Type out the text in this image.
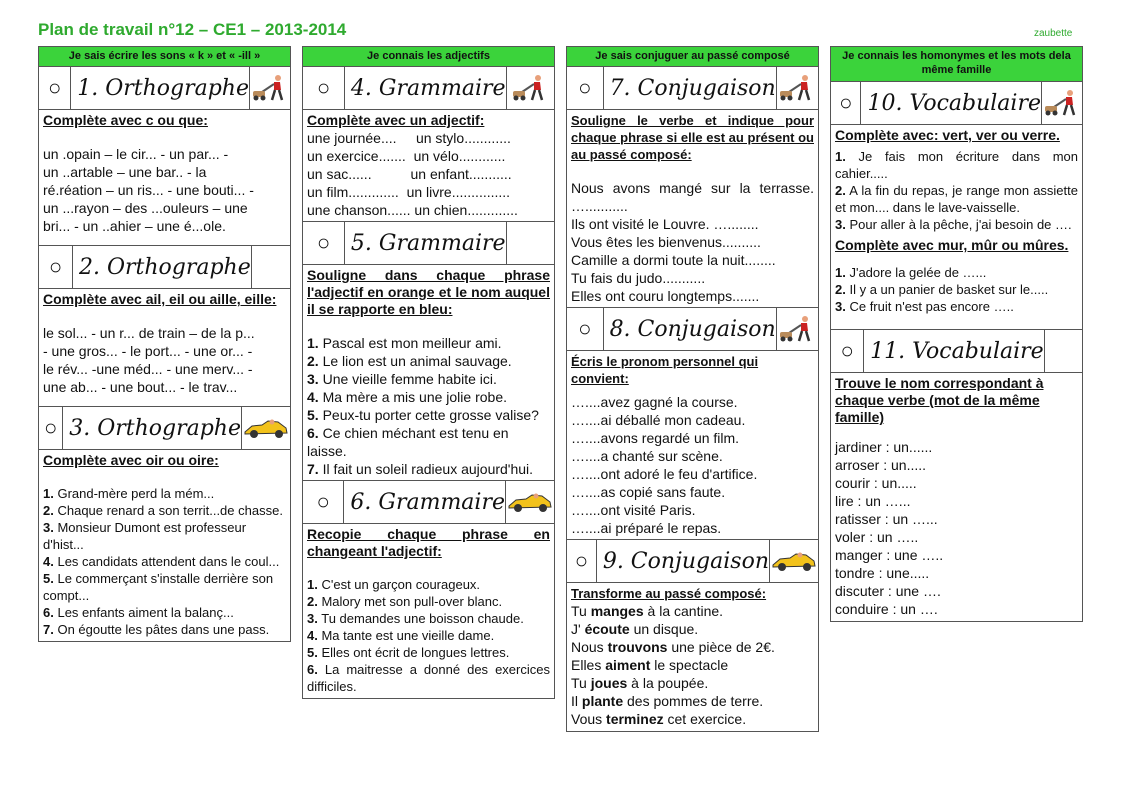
Plan de travail n°12 – CE1 – 2013-2014	zaubette
Je sais écrire les sons « k » et « -ill »
○ 1. Orthographe
Complète avec c ou que:
un .opain – le cir... - un par... -
un ..artable – une bar.. - la
ré.réation – un ris... - une bouti... -
un ...rayon – des ...ouleurs – une
bri... - un ..ahier – une é...ole.
○ 2. Orthographe
Complète avec ail, eil ou aille, eille:
le sol... - un r... de train – de la p...
- une gros... - le port... - une or... -
le rév... -une méd... - une merv... -
une ab... - une bout... - le trav...
○ 3. Orthographe
Complète avec oir ou oire:
1. Grand-mère perd la mém...
2. Chaque renard a son territ...de chasse.
3. Monsieur Dumont est professeur d'hist...
4. Les candidats attendent dans le coul...
5. Le commerçant s'installe derrière son compt...
6. Les enfants aiment la balanç...
7. On égoutte les pâtes dans une pass.
Je connais les adjectifs
○ 4. Grammaire
Complète avec un adjectif:
une journée....     un stylo............
un exercice.......  un vélo............
un sac......          un enfant...........
un film.............  un livre...............
une chanson...... un chien.............
○ 5. Grammaire
Souligne dans chaque phrase l'adjectif en orange et le nom auquel il se rapporte en bleu:
1. Pascal est mon meilleur ami.
2. Le lion est un animal sauvage.
3. Une vieille femme habite ici.
4. Ma mère a mis une jolie robe.
5. Peux-tu porter cette grosse valise?
6. Ce chien méchant est tenu en laisse.
7. Il fait un soleil radieux aujourd'hui.
○ 6. Grammaire
Recopie chaque phrase en changeant l'adjectif:
1. C'est un garçon courageux.
2. Malory met son pull-over blanc.
3. Tu demandes une boisson chaude.
4. Ma tante est une vieille dame.
5. Elles ont écrit de longues lettres.
6. La maitresse a donné des exercices difficiles.
Je sais conjuguer au passé composé
○ 7. Conjugaison
Souligne le verbe et indique pour chaque phrase si elle est au présent ou au passé composé:
Nous avons mangé sur la terrasse. …...........
Ils ont visité le Louvre. …........
Vous êtes les bienvenus..........
Camille a dormi toute la nuit........
Tu fais du judo...........
Elles ont couru longtemps.......
○ 8. Conjugaison
Écris le pronom personnel qui convient:
…....avez gagné la course.
…....ai déballé mon cadeau.
…....avons regardé un film.
…....a chanté sur scène.
…....ont adoré le feu d'artifice.
…....as copié sans faute.
…....ont visité Paris.
…....ai préparé le repas.
○ 9. Conjugaison
Transforme au passé composé:
Tu manges à la cantine.
J' écoute un disque.
Nous trouvons une pièce de 2€.
Elles aiment le spectacle
Tu joues à la poupée.
Il plante des pommes de terre.
Vous terminez cet exercice.
Je connais les homonymes et les mots dela même famille
○ 10. Vocabulaire
Complète avec: vert, ver ou verre.
1. Je fais mon écriture dans mon cahier.....
2. A la fin du repas, je range mon assiette et mon.... dans le lave-vaisselle.
3. Pour aller à la pêche, j'ai besoin de ….
Complète avec mur, mûr ou mûres.
1. J'adore la gelée de …...
2. Il y a un panier de basket sur le.....
3. Ce fruit n'est pas encore …..
○ 11. Vocabulaire
Trouve le nom correspondant à chaque verbe (mot de la même famille)
jardiner : un......
arroser : un.....
courir : un.....
lire : un …...
ratisser : un …...
voler : un …..
manger : une …..
tondre : une.....
discuter : une ….
conduire : un ….
